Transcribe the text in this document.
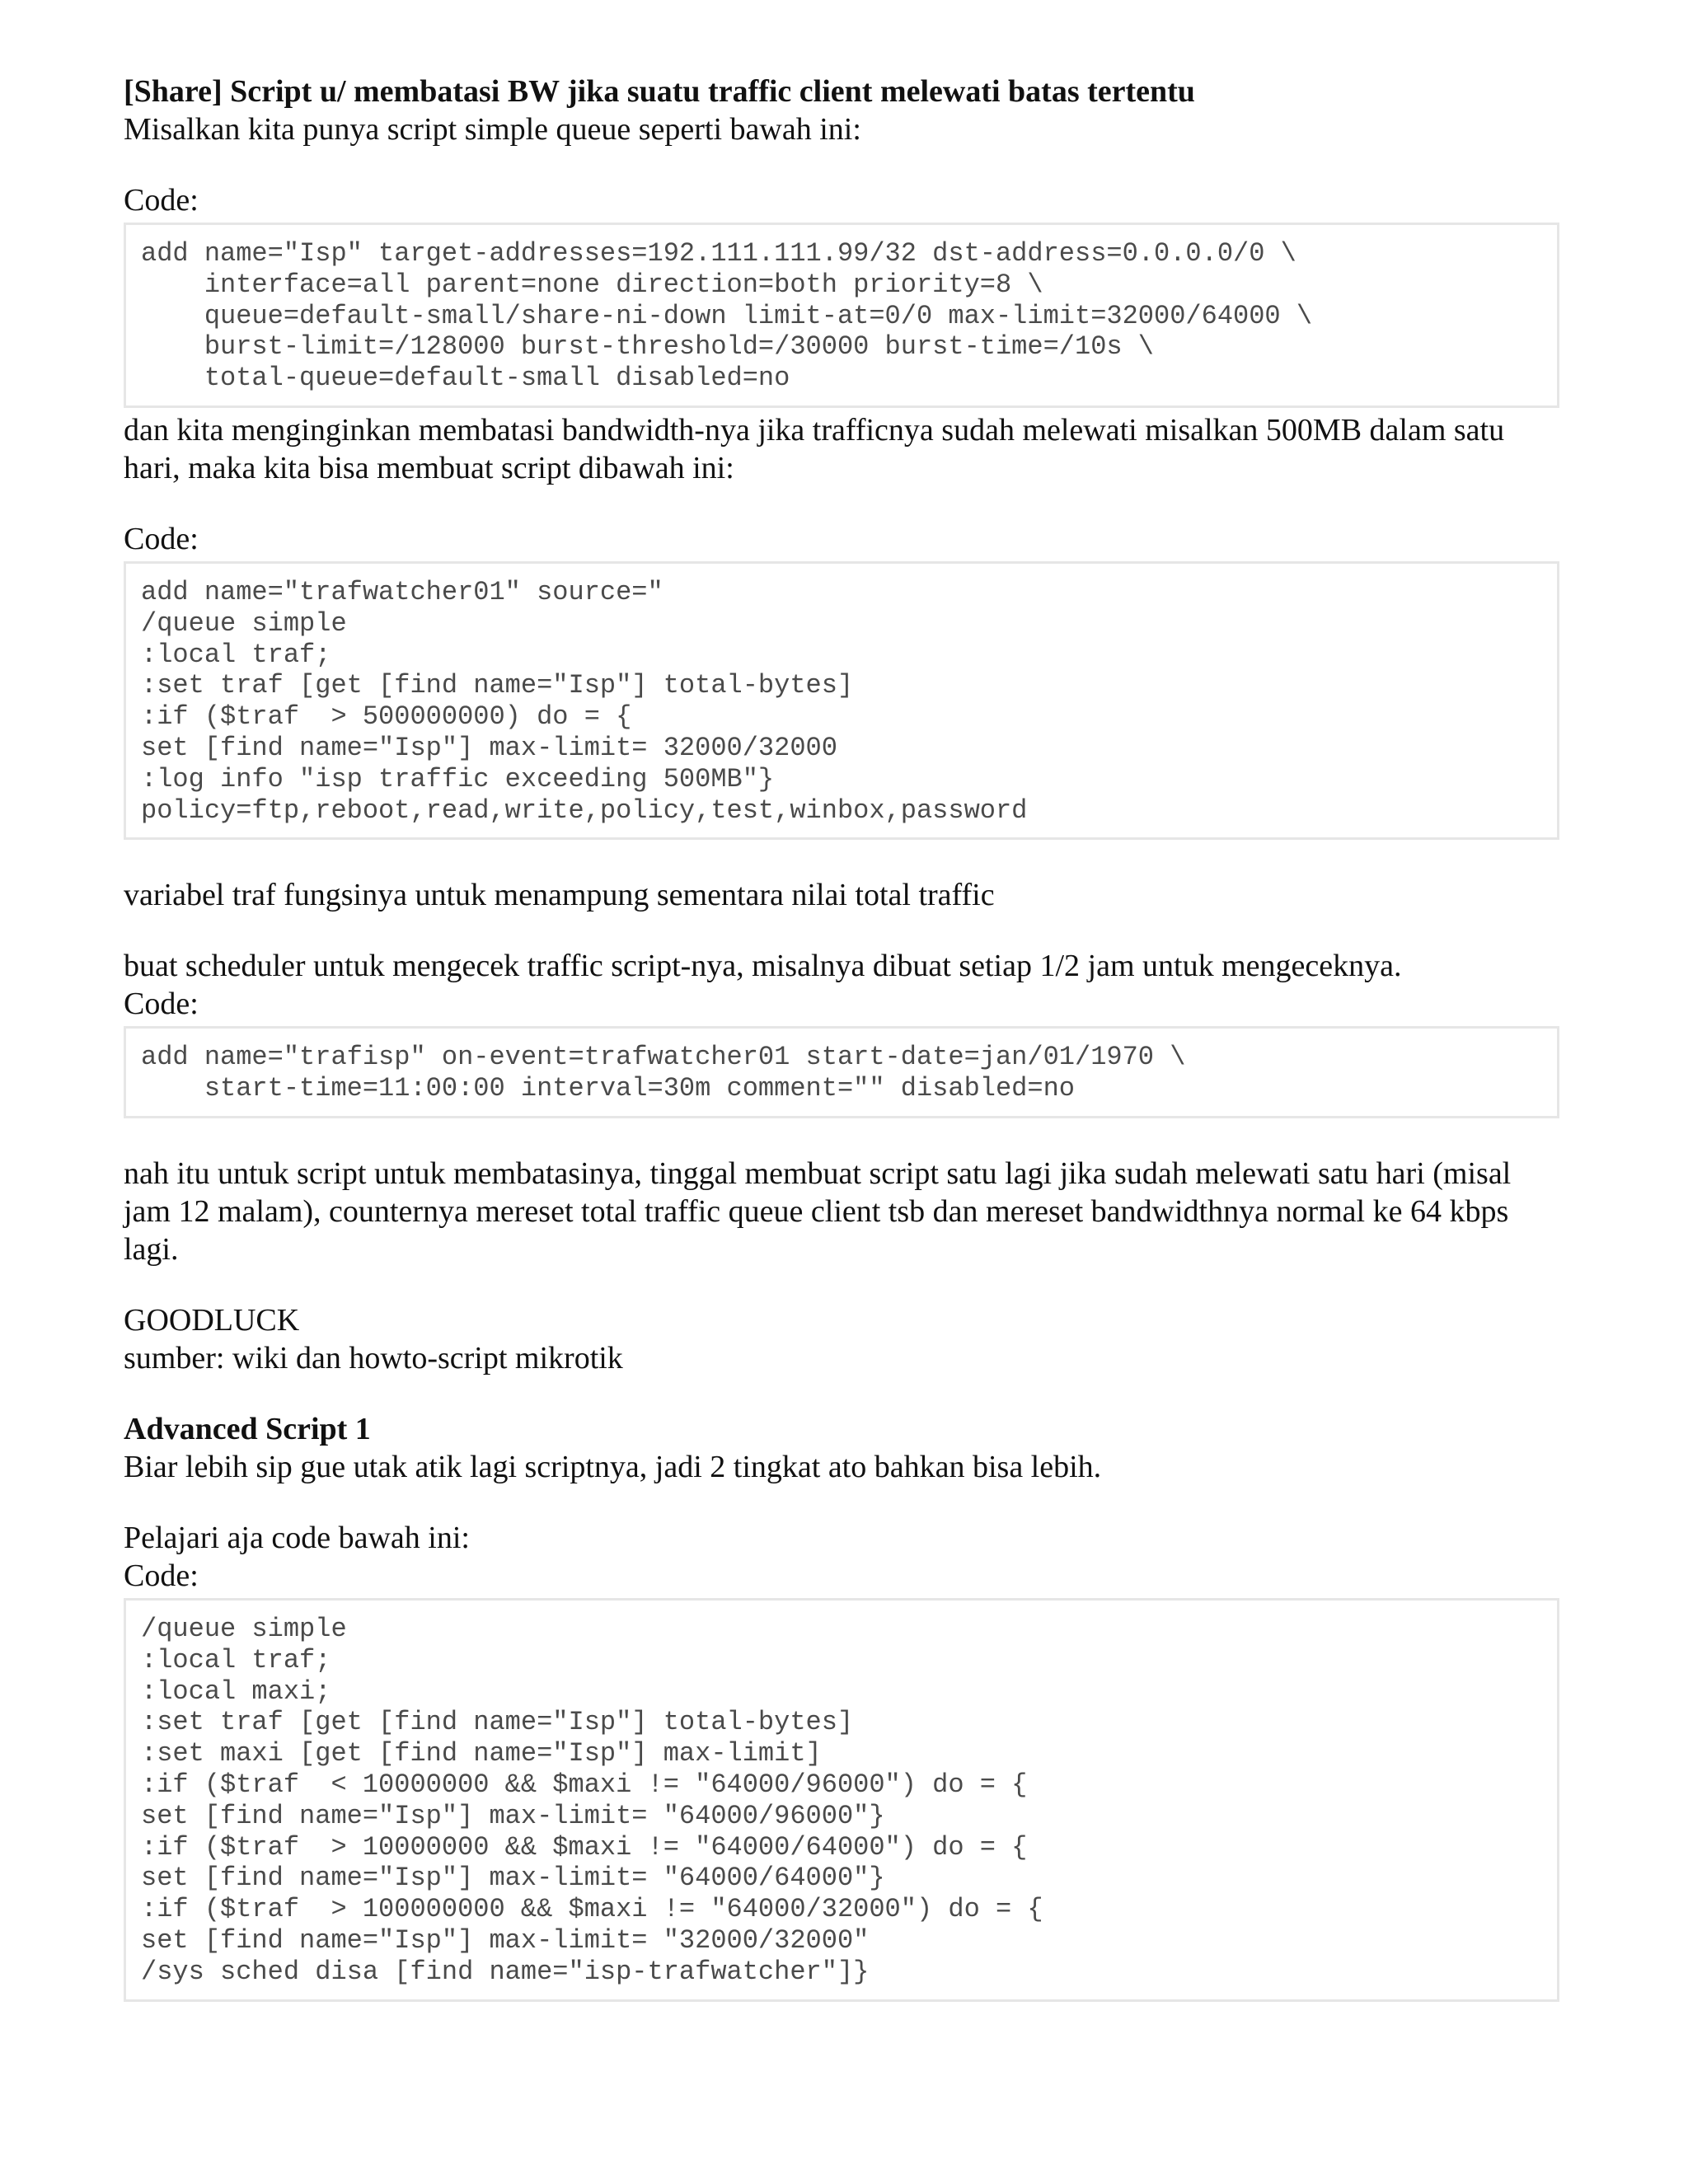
[Share] Script u/ membatasi BW jika suatu traffic client melewati batas tertentu

Misalkan kita punya script simple queue seperti bawah ini:

Code:

add name="Isp" target-addresses=192.111.111.99/32 dst-address=0.0.0.0/0 \
interface=all parent=none direction=both priority=8 \
queue=default-small/share-ni-down limit-at=0/0 max-limit=32000/64000 \
burst-limit=/128000 burst-threshold=/30000 burst-time=/10s \
total-queue=default-small disabled=no

dan kita menginginkan membatasi bandwidth-nya jika trafficnya sudah melewati misalkan 500MB dalam satu hari, maka kita bisa membuat script dibawah ini:

Code:

add name="trafwatcher01" source="
/queue simple
:local traf;
:set traf [get [find name="Isp"] total-bytes]
:if ($traf  > 500000000) do = {
set [find name="Isp"] max-limit= 32000/32000
:log info "isp traffic exceeding 500MB"}
policy=ftp,reboot,read,write,policy,test,winbox,password

variabel traf fungsinya untuk menampung sementara nilai total traffic

buat scheduler untuk mengecek traffic script-nya, misalnya dibuat setiap 1/2 jam untuk mengeceknya.

Code:

add name="trafisp" on-event=trafwatcher01 start-date=jan/01/1970 \
start-time=11:00:00 interval=30m comment="" disabled=no

nah itu untuk script untuk membatasinya, tinggal membuat script satu lagi jika sudah melewati satu hari (misal jam 12 malam), counternya mereset total traffic queue client tsb dan mereset bandwidthnya normal ke 64 kbps lagi.

GOODLUCK

sumber: wiki dan howto-script mikrotik

Advanced Script 1

Biar lebih sip gue utak atik lagi scriptnya, jadi 2 tingkat ato bahkan bisa lebih.

Pelajari aja code bawah ini:

Code:

/queue simple
:local traf;
:local maxi;
:set traf [get [find name="Isp"] total-bytes]
:set maxi [get [find name="Isp"] max-limit]
:if ($traf  < 10000000 && $maxi != "64000/96000") do = {
set [find name="Isp"] max-limit= "64000/96000"}
:if ($traf  > 10000000 && $maxi != "64000/64000") do = {
set [find name="Isp"] max-limit= "64000/64000"}
:if ($traf  > 100000000 && $maxi != "64000/32000") do = {
set [find name="Isp"] max-limit= "32000/32000"
/sys sched disa [find name="isp-trafwatcher"]}
